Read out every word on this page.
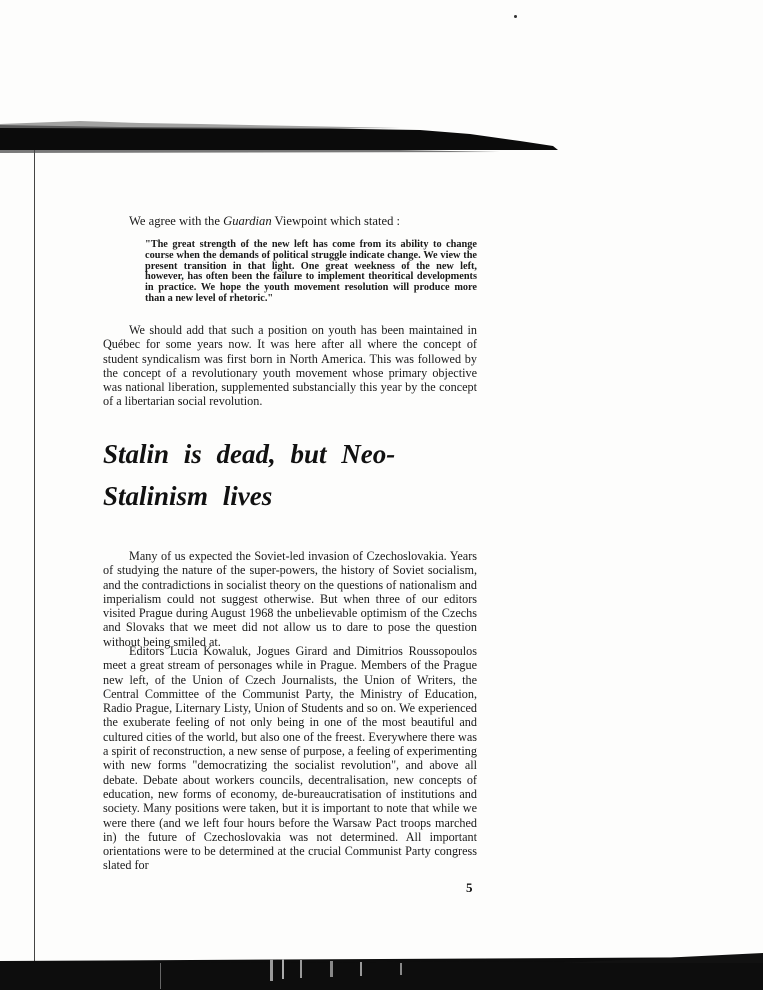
We agree with the Guardian Viewpoint which stated :

"The great strength of the new left has come from its ability to change course when the demands of political struggle indicate change. We view the present transition in that light. One great weekness of the new left, however, has often been the failure to implement theoritical developments in practice. We hope the youth movement resolution will produce more than a new level of rhetoric."

We should add that such a position on youth has been maintained in Québec for some years now. It was here after all where the concept of student syndicalism was first born in North America. This was followed by the concept of a revolutionary youth movement whose primary objective was national liberation, supplemented substancially this year by the concept of a libertarian social revolution.

Stalin is dead, but Neo-Stalinism lives

Many of us expected the Soviet-led invasion of Czechoslovakia. Years of studying the nature of the super-powers, the history of Soviet socialism, and the contradictions in socialist theory on the questions of nationalism and imperialism could not suggest otherwise. But when three of our editors visited Prague during August 1968 the unbelievable optimism of the Czechs and Slovaks that we meet did not allow us to dare to pose the question without being smiled at.

Editors Lucia Kowaluk, Jogues Girard and Dimitrios Roussopoulos meet a great stream of personages while in Prague. Members of the Prague new left, of the Union of Czech Journalists, the Union of Writers, the Central Committee of the Communist Party, the Ministry of Education, Radio Prague, Liternary Listy, Union of Students and so on. We experienced the exuberate feeling of not only being in one of the most beautiful and cultured cities of the world, but also one of the freest. Everywhere there was a spirit of reconstruction, a new sense of purpose, a feeling of experimenting with new forms "democratizing the socialist revolution", and above all debate. Debate about workers councils, decentralisation, new concepts of education, new forms of economy, de-bureaucratisation of institutions and society. Many positions were taken, but it is important to note that while we were there (and we left four hours before the Warsaw Pact troops marched in) the future of Czechoslovakia was not determined. All important orientations were to be determined at the crucial Communist Party congress slated for

5
